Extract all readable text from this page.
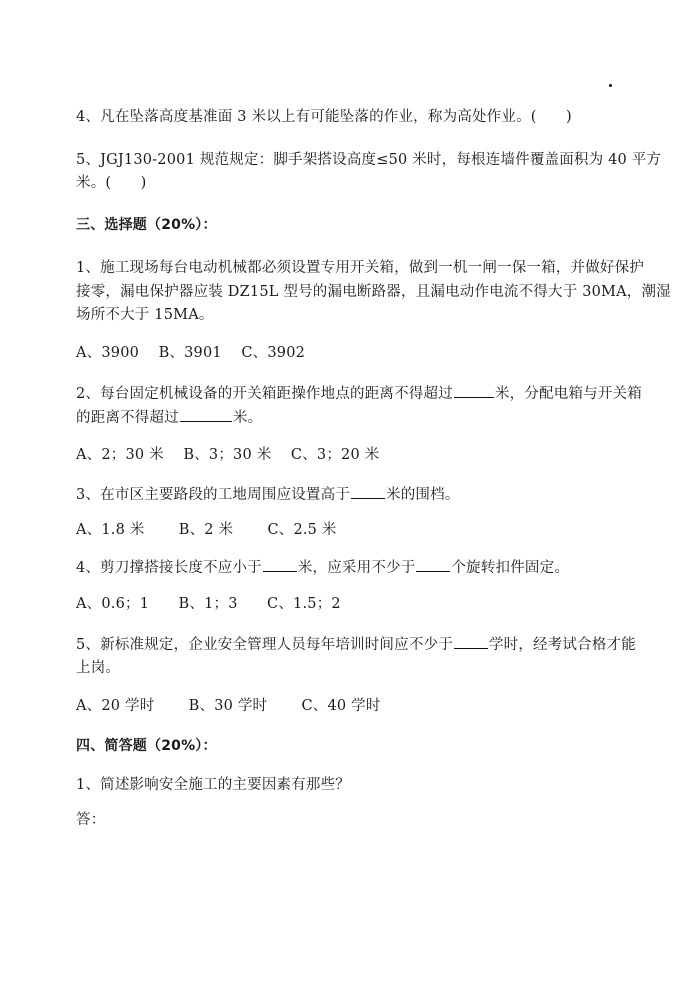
4、凡在坠落高度基准面 3 米以上有可能坠落的作业，称为高处作业。(　　)
5、JGJ130-2001 规范规定：脚手架搭设高度≤50 米时，每根连墙件覆盖面积为 40 平方
米。(　　)
三、选择题（20%）：
1、施工现场每台电动机械都必须设置专用开关箱，做到一机一闸一保一箱，并做好保护
接零，漏电保护器应装 DZ15L 型号的漏电断路器，且漏电动作电流不得大于 30MA，潮湿
场所不大于 15MA。
A、3900　 B、3901　 C、3902
2、每台固定机械设备的开关箱距操作地点的距离不得超过	米，分配电箱与开关箱
的距离不得超过	米。
A、2；30 米　 B、3；30 米　 C、3；20 米
3、在市区主要路段的工地周围应设置高于 米的围档。
A、1.8 米　　 B、2 米　　 C、2.5 米
4、剪刀撑搭接长度不应小于 米，应采用不少于 个旋转扣件固定。
A、0.6；1　　B、1；3　　C、1.5；2
5、新标准规定，企业安全管理人员每年培训时间应不少于 学时，经考试合格才能
上岗。
A、20 学时　　 B、30 学时　　 C、40 学时
四、简答题（20%）：
1、简述影响安全施工的主要因素有那些？
答：
